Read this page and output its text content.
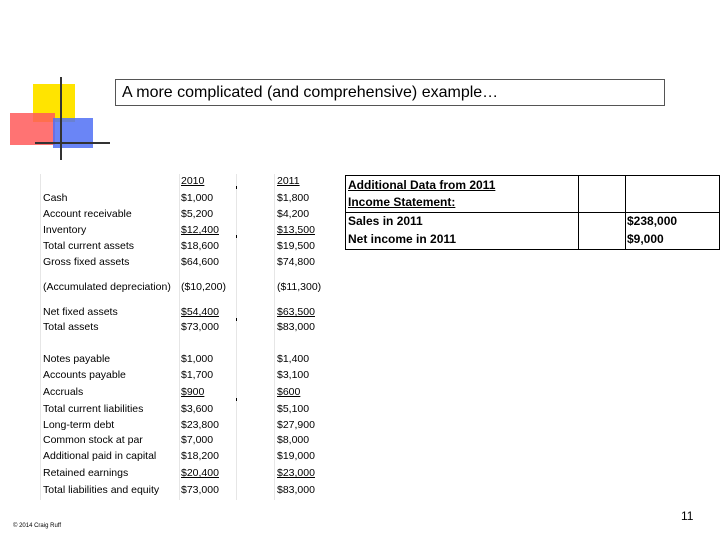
A more complicated (and comprehensive) example…
2010	2011
Cash	$1,000	$1,800
Account receivable	$5,200	$4,200
Inventory	$12,400	$13,500
Total current assets	$18,600	$19,500
Gross fixed assets	$64,600	$74,800
(Accumulated depreciation) ($10,200)	($11,300)
Net fixed assets	$54,400	$63,500
Total assets	$73,000	$83,000
Notes payable	$1,000	$1,400
Accounts payable	$1,700	$3,100
Accruals	$900	$600
Total current liabilities	$3,600	$5,100
Long-term debt	$23,800	$27,900
Common stock at par	$7,000	$8,000
Additional paid in capital $18,200	$19,000
Retained earnings	$20,400	$23,000
Total liabilities and equity $73,000	$83,000
Additional Data from 2011
Income Statement:
Sales in 2011	$238,000
Net income in 2011	$9,000
© 2014 Craig Ruff
11
